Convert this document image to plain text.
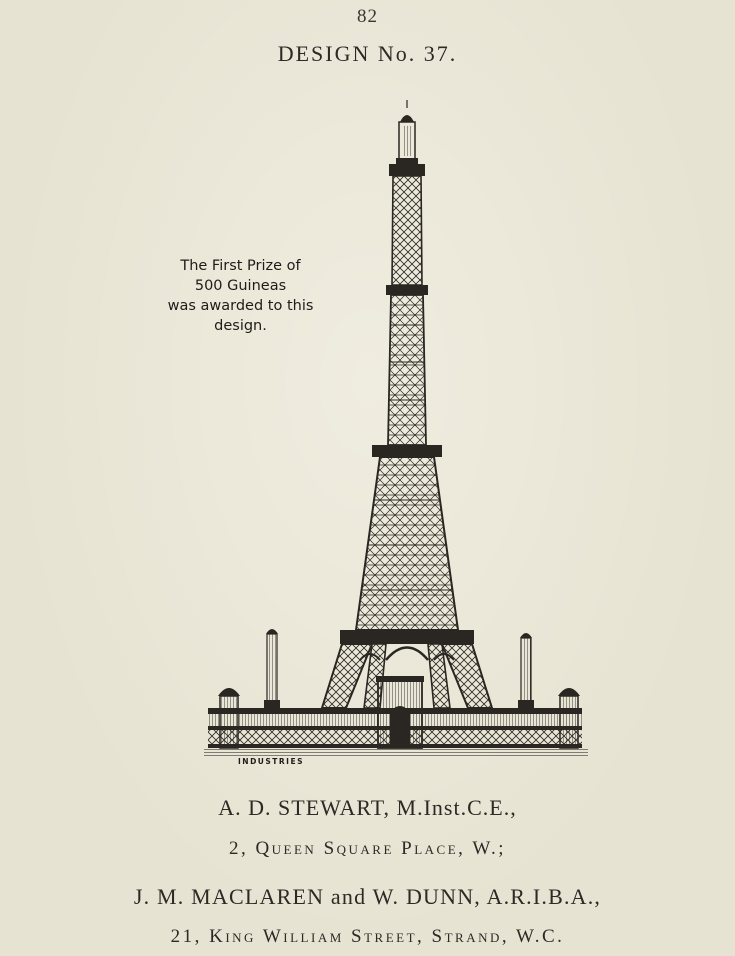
82
DESIGN No. 37.
The First Prize of
500 Guineas
was awarded to this
design.
INDUSTRIES
A. D. STEWART, M.Inst.C.E.,
2, Queen Square Place, W.;
J. M. MACLAREN and W. DUNN, A.R.I.B.A.,
21, King William Street, Strand, W.C.
